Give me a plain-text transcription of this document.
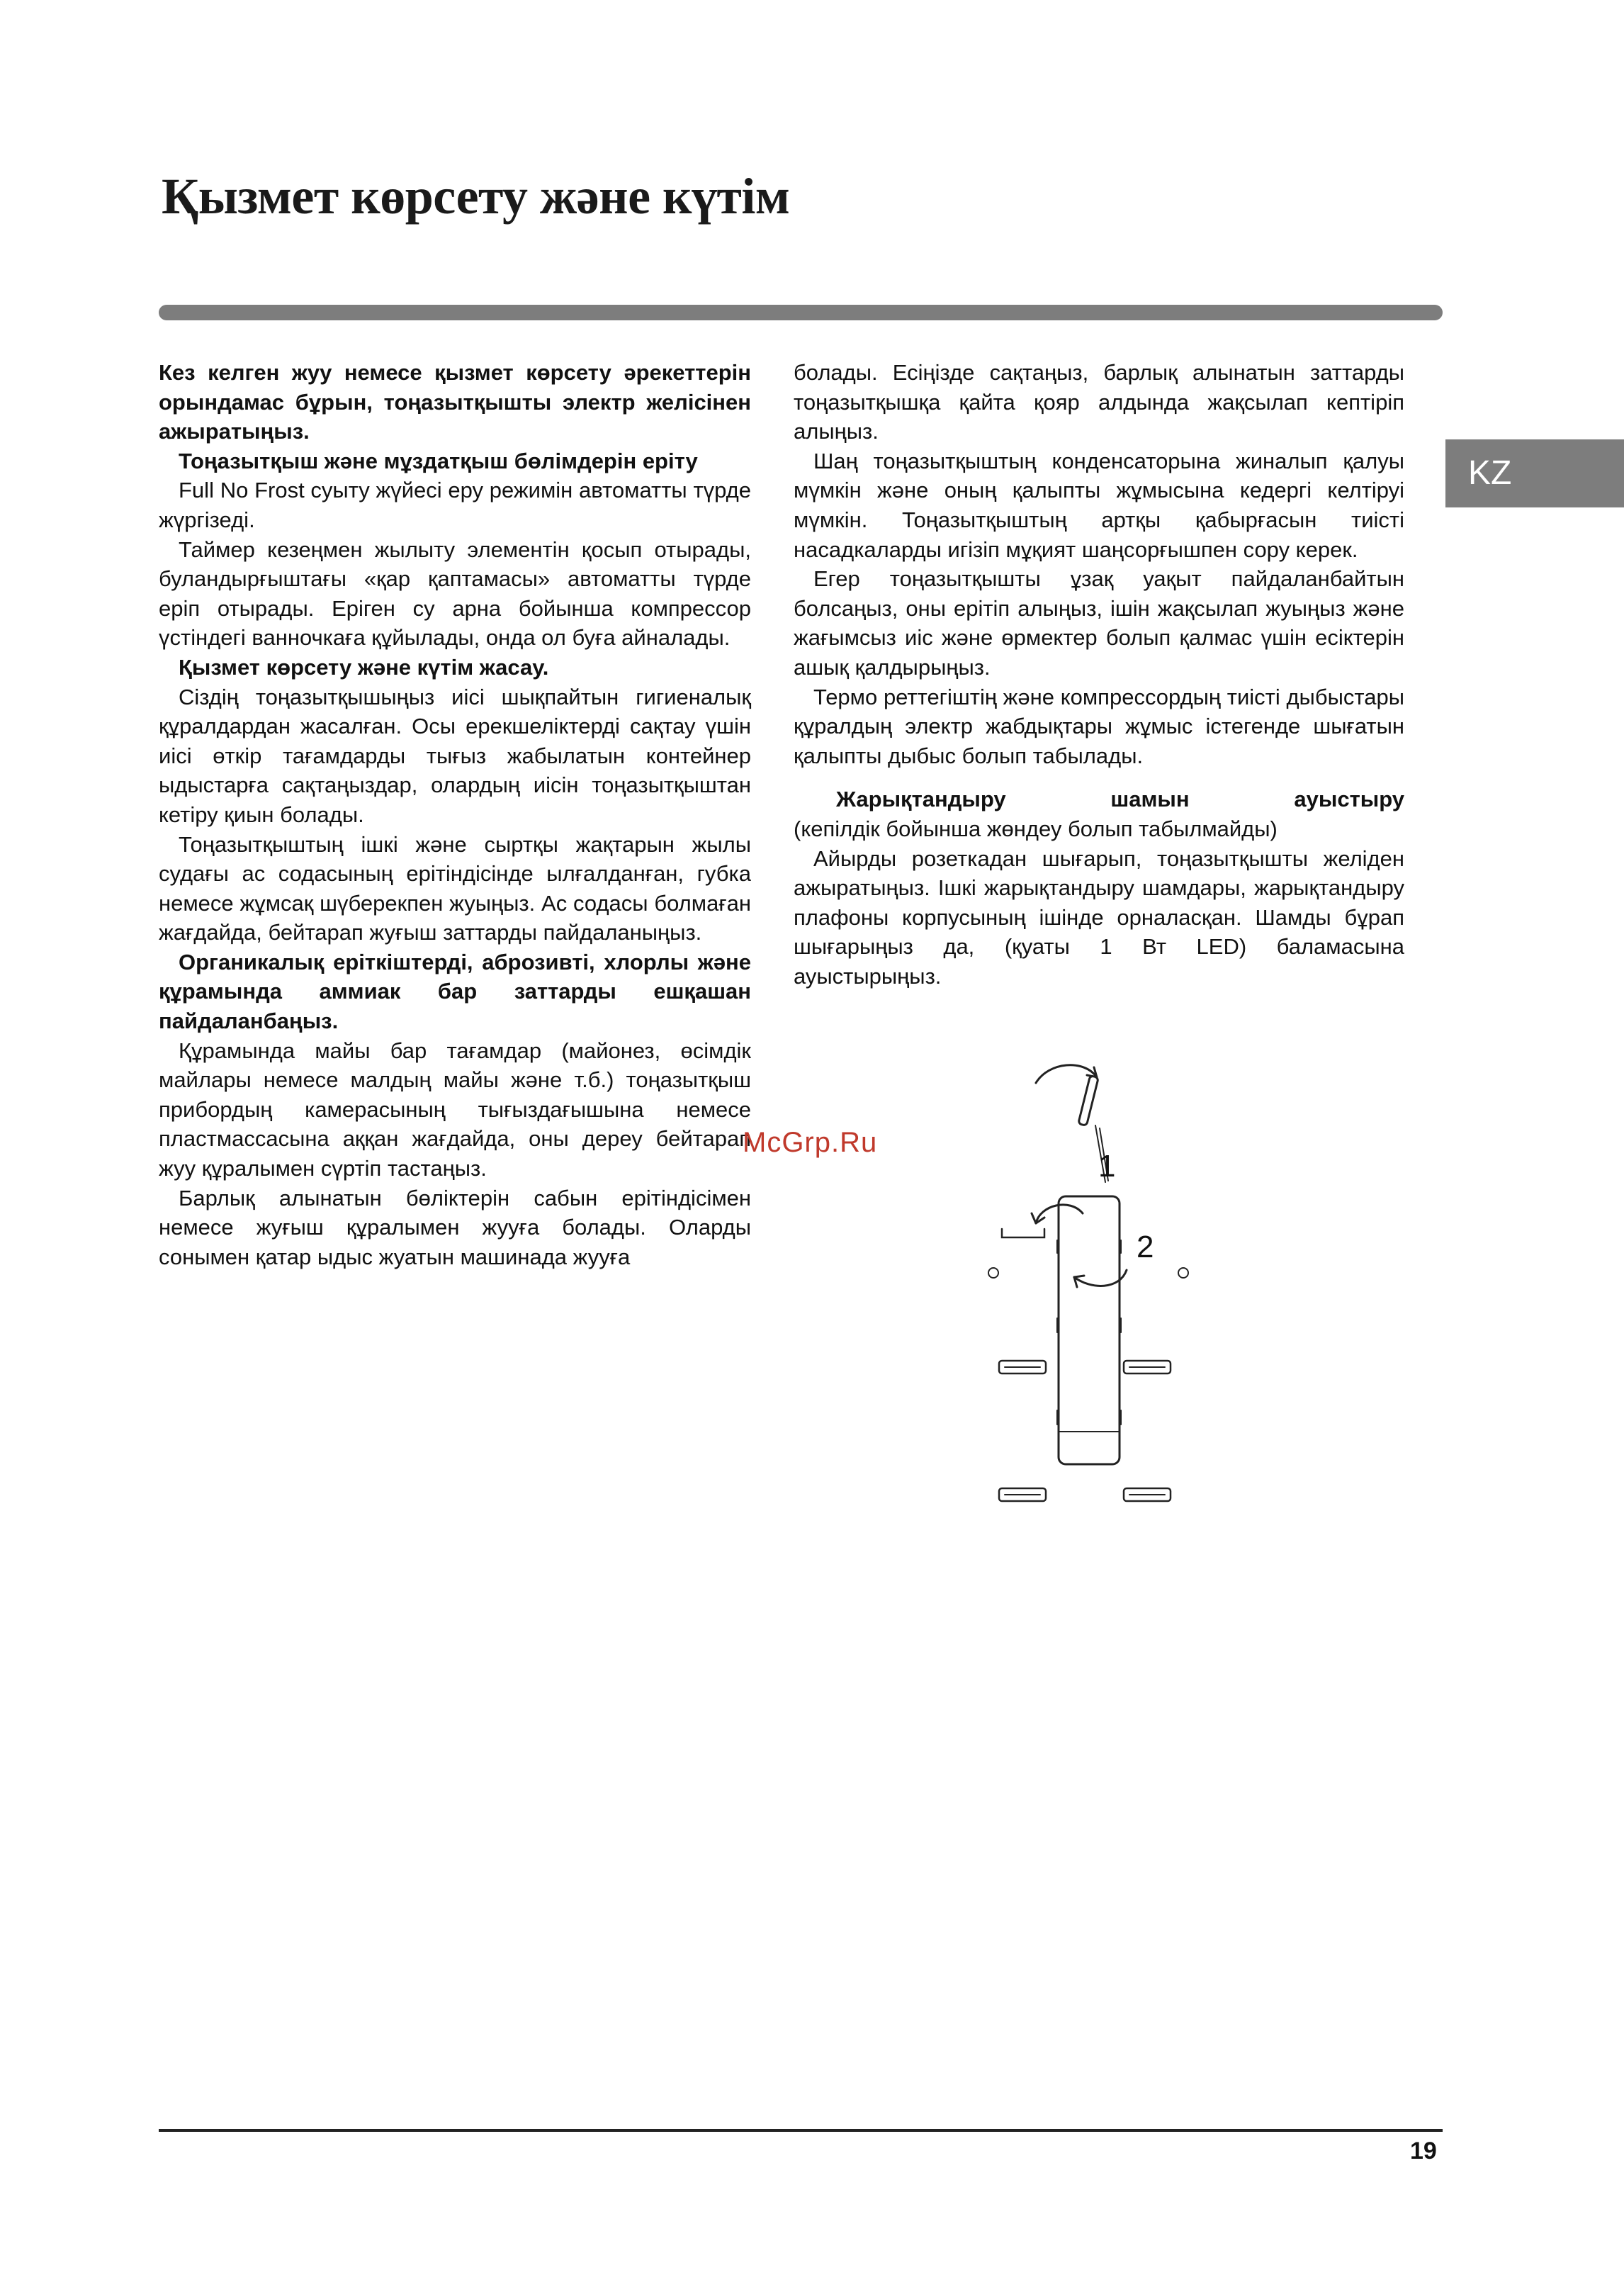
Қызмет көрсету және күтім
KZ

Кез келген жуу немесе қызмет көрсету әрекеттерін орындамас бұрын, тоңазытқышты электр желісінен ажыратыңыз.

Тоңазытқыш және мұздатқыш бөлімдерін еріту

Full No Frost суыту жүйесі еру режимін автоматты түрде жүргізеді.

Таймер кезеңмен жылыту элементін қосып отырады, буландырғыштағы «қар қаптамасы» автоматты түрде еріп отырады. Еріген су арна бойынша компрессор үстіндегі ванночкаға құйылады, онда ол буға айналады.

Қызмет көрсету және күтім жасау.

Сіздің тоңазытқышыңыз иісі шықпайтын гигиеналық құралдардан жасалған. Осы ерекшеліктерді сақтау үшін иісі өткір тағамдарды тығыз жабылатын контейнер ыдыстарға сақтаңыздар, олардың иісін тоңазытқыштан кетіру қиын болады.

Тоңазытқыштың ішкі және сыртқы жақтарын жылы судағы ас содасының ерітіндісінде ылғалданған, губка немесе жұмсақ шүберекпен жуыңыз. Ас содасы болмаған жағдайда, бейтарап жуғыш заттарды пайдаланыңыз.

Органикалық еріткіштерді, аброзивті, хлорлы және құрамында аммиак бар заттарды ешқашан пайдаланбаңыз.

Құрамында майы бар тағамдар (майонез, өсімдік майлары немесе малдың майы және т.б.) тоңазытқыш прибордың камерасының тығыздағышына немесе пластмассасына аққан жағдайда, оны дереу бейтарап жуу құралымен сүртіп тастаңыз.

Барлық алынатын бөліктерін сабын ерітіндісімен немесе жуғыш құралымен жууға болады. Оларды сонымен қатар ыдыс жуатын машинада жууға

болады. Есіңізде сақтаңыз, барлық алынатын заттарды тоңазытқышқа қайта қояр алдында жақсылап кептіріп алыңыз.

Шаң тоңазытқыштың конденсаторына жиналып қалуы мүмкін және оның қалыпты жұмысына кедергі келтіруі мүмкін. Тоңазытқыштың артқы қабырғасын тиісті насадкаларды игізіп мұқият шаңсорғышпен сору керек.

Егер тоңазытқышты ұзақ уақыт пайдаланбайтын болсаңыз, оны ерітіп алыңыз, ішін жақсылап жуыңыз және жағымсыз иіс және өрмектер болып қалмас үшін есіктерін ашық қалдырыңыз.

Термо реттегіштің және компрессордың тиісті дыбыстары құралдың электр жабдықтары жұмыс істегенде шығатын қалыпты дыбыс болып табылады.

Жарықтандыру шамын ауыстыру

(кепілдік бойынша жөндеу болып табылмайды)

Айырды розеткадан шығарып, тоңазытқышты желіден ажыратыңыз. Ішкі жарықтандыру шамдары, жарықтандыру плафоны корпусының ішінде орналасқан. Шамды бұрап шығарыңыз да, (қуаты 1 Вт LED) баламасына ауыстырыңыз.

McGrp.Ru
1
2
19
